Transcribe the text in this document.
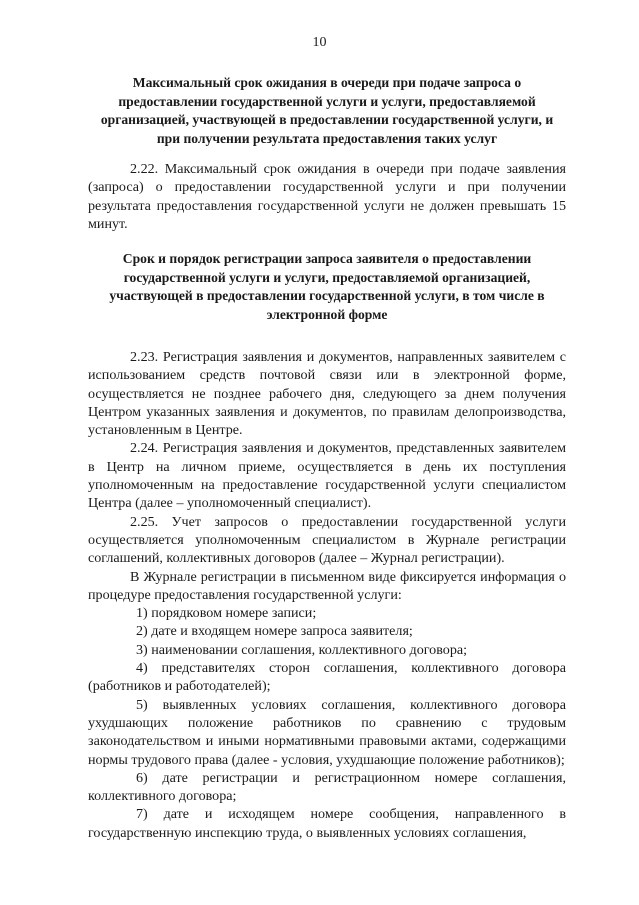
10
Максимальный срок ожидания в очереди при подаче запроса о предоставлении государственной услуги и услуги, предоставляемой организацией, участвующей в предоставлении государственной услуги, и при получении результата предоставления таких услуг

2.22. Максимальный срок ожидания в очереди при подаче заявления (запроса) о предоставлении государственной услуги и при получении результата предоставления государственной услуги не должен превышать 15 минут.

Срок и порядок регистрации запроса заявителя о предоставлении государственной услуги и услуги, предоставляемой организацией, участвующей в предоставлении государственной услуги, в том числе в электронной форме

2.23. Регистрация заявления и документов, направленных заявителем с использованием средств почтовой связи или в электронной форме, осуществляется не позднее рабочего дня, следующего за днем получения Центром указанных заявления и документов, по правилам делопроизводства, установленным в Центре.

2.24. Регистрация заявления и документов, представленных заявителем в Центр на личном приеме, осуществляется в день их поступления уполномоченным на предоставление государственной услуги специалистом Центра (далее – уполномоченный специалист).

2.25. Учет запросов о предоставлении государственной услуги осуществляется уполномоченным специалистом в Журнале регистрации соглашений, коллективных договоров (далее – Журнал регистрации).

В Журнале регистрации в письменном виде фиксируется информация о процедуре предоставления государственной услуги:

1) порядковом номере записи;

2) дате и входящем номере запроса заявителя;

3) наименовании соглашения, коллективного договора;

4) представителях сторон соглашения, коллективного договора (работников и работодателей);

5) выявленных условиях соглашения, коллективного договора ухудшающих положение работников по сравнению с трудовым законодательством и иными нормативными правовыми актами, содержащими нормы трудового права (далее - условия, ухудшающие положение работников);

6) дате регистрации и регистрационном номере соглашения, коллективного договора;

7) дате и исходящем номере сообщения, направленного в государственную инспекцию труда, о выявленных условиях соглашения,
